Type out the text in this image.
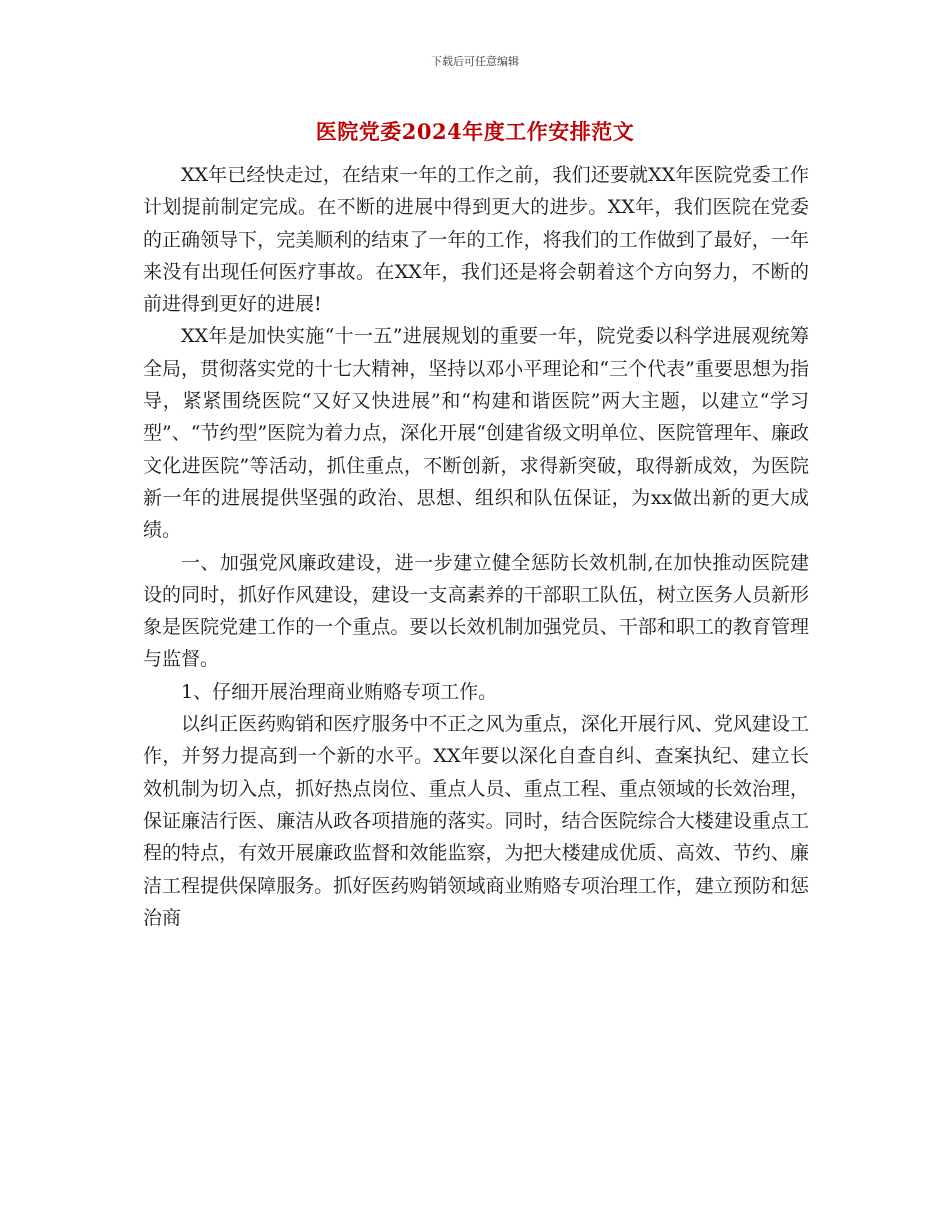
下载后可任意编辑
医院党委2024年度工作安排范文

XX年已经快走过，在结束一年的工作之前，我们还要就XX年医院党委工作计划提前制定完成。在不断的进展中得到更大的进步。XX年，我们医院在党委的正确领导下，完美顺利的结束了一年的工作，将我们的工作做到了最好，一年来没有出现任何医疗事故。在XX年，我们还是将会朝着这个方向努力，不断的前进得到更好的进展!

XX年是加快实施“十一五”进展规划的重要一年，院党委以科学进展观统筹全局，贯彻落实党的十七大精神，坚持以邓小平理论和“三个代表”重要思想为指导，紧紧围绕医院“又好又快进展”和“构建和谐医院”两大主题，以建立“学习型”、“节约型”医院为着力点，深化开展“创建省级文明单位、医院管理年、廉政文化进医院”等活动，抓住重点，不断创新，求得新突破，取得新成效，为医院新一年的进展提供坚强的政治、思想、组织和队伍保证，为xx做出新的更大成绩。

一、加强党风廉政建设，进一步建立健全惩防长效机制,在加快推动医院建设的同时，抓好作风建设，建设一支高素养的干部职工队伍，树立医务人员新形象是医院党建工作的一个重点。要以长效机制加强党员、干部和职工的教育管理与监督。

1、仔细开展治理商业贿赂专项工作。

以纠正医药购销和医疗服务中不正之风为重点，深化开展行风、党风建设工作，并努力提高到一个新的水平。XX年要以深化自查自纠、查案执纪、建立长效机制为切入点，抓好热点岗位、重点人员、重点工程、重点领域的长效治理，保证廉洁行医、廉洁从政各项措施的落实。同时，结合医院综合大楼建设重点工程的特点，有效开展廉政监督和效能监察，为把大楼建成优质、高效、节约、廉洁工程提供保障服务。抓好医药购销领域商业贿赂专项治理工作，建立预防和惩治商
